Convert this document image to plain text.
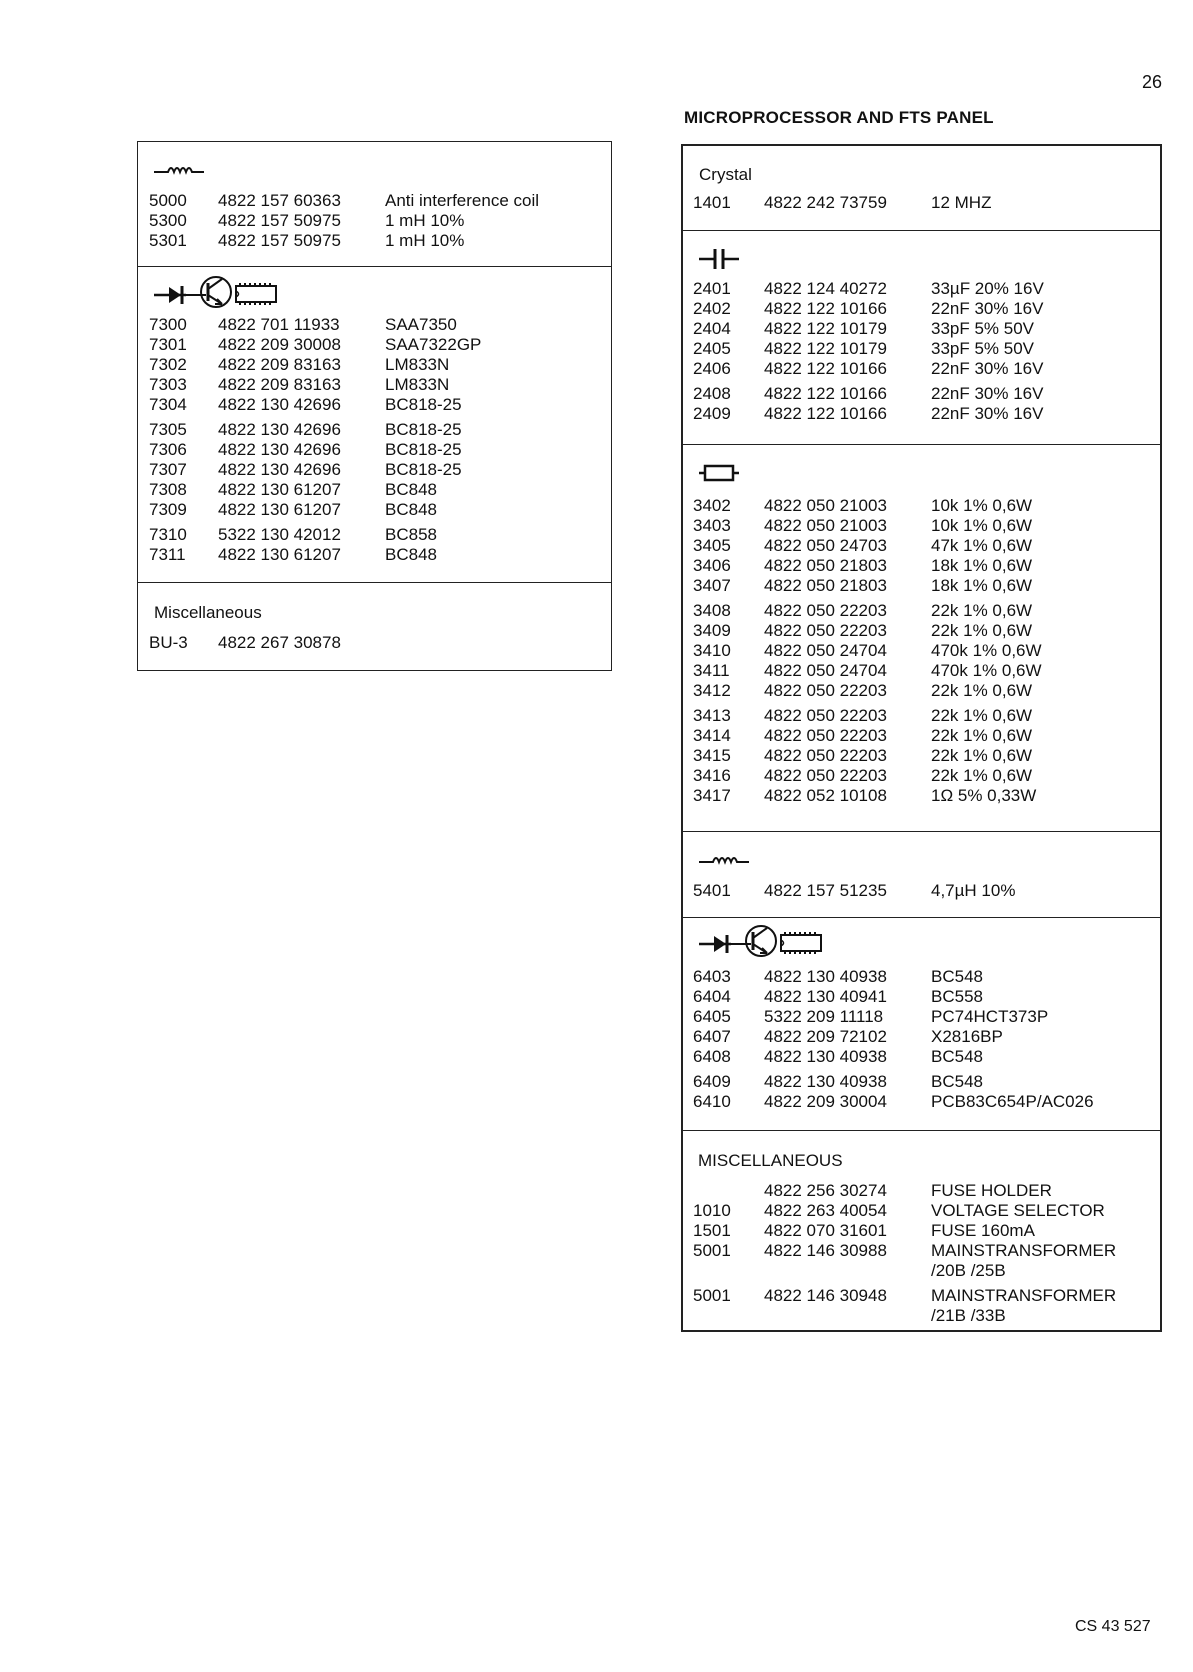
26
MICROPROCESSOR AND FTS PANEL
CS 43 527
5000 4822 157 60363	Anti interference coil
5300 4822 157 50975	1 mH 10%
5301 4822 157 50975	1 mH 10%
7300 4822 701 11933	SAA7350
7301 4822 209 30008	SAA7322GP
7302 4822 209 83163	LM833N
7303 4822 209 83163	LM833N
7304 4822 130 42696	BC818-25
7305 4822 130 42696	BC818-25
7306 4822 130 42696	BC818-25
7307 4822 130 42696	BC818-25
7308 4822 130 61207	BC848
7309 4822 130 61207	BC848
7310 5322 130 42012	BC858
7311 4822 130 61207	BC848
Miscellaneous
BU-3 4822 267 30878
Crystal
1401 4822 242 73759	12 MHZ
2401 4822 124 40272	33µF 20% 16V
2402 4822 122 10166	22nF 30% 16V
2404 4822 122 10179	33pF 5% 50V
2405 4822 122 10179	33pF 5% 50V
2406 4822 122 10166	22nF 30% 16V
2408 4822 122 10166	22nF 30% 16V
2409 4822 122 10166	22nF 30% 16V
3402 4822 050 21003	10k 1% 0,6W
3403 4822 050 21003	10k 1% 0,6W
3405 4822 050 24703	47k 1% 0,6W
3406 4822 050 21803	18k 1% 0,6W
3407 4822 050 21803	18k 1% 0,6W
3408 4822 050 22203	22k 1% 0,6W
3409 4822 050 22203	22k 1% 0,6W
3410 4822 050 24704	470k 1% 0,6W
3411 4822 050 24704	470k 1% 0,6W
3412 4822 050 22203	22k 1% 0,6W
3413 4822 050 22203	22k 1% 0,6W
3414 4822 050 22203	22k 1% 0,6W
3415 4822 050 22203	22k 1% 0,6W
3416 4822 050 22203	22k 1% 0,6W
3417 4822 052 10108	1Ω 5% 0,33W
5401 4822 157 51235	4,7µH 10%
6403 4822 130 40938	BC548
6404 4822 130 40941	BC558
6405 5322 209 11118	PC74HCT373P
6407 4822 209 72102	X2816BP
6408 4822 130 40938	BC548
6409 4822 130 40938	BC548
6410 4822 209 30004	PCB83C654P/AC026
MISCELLANEOUS
4822 256 30274	FUSE HOLDER
1010 4822 263 40054	VOLTAGE SELECTOR
1501 4822 070 31601	FUSE 160mA
5001 4822 146 30988	MAINSTRANSFORMER
/20B /25B
5001 4822 146 30948	MAINSTRANSFORMER
/21B /33B
